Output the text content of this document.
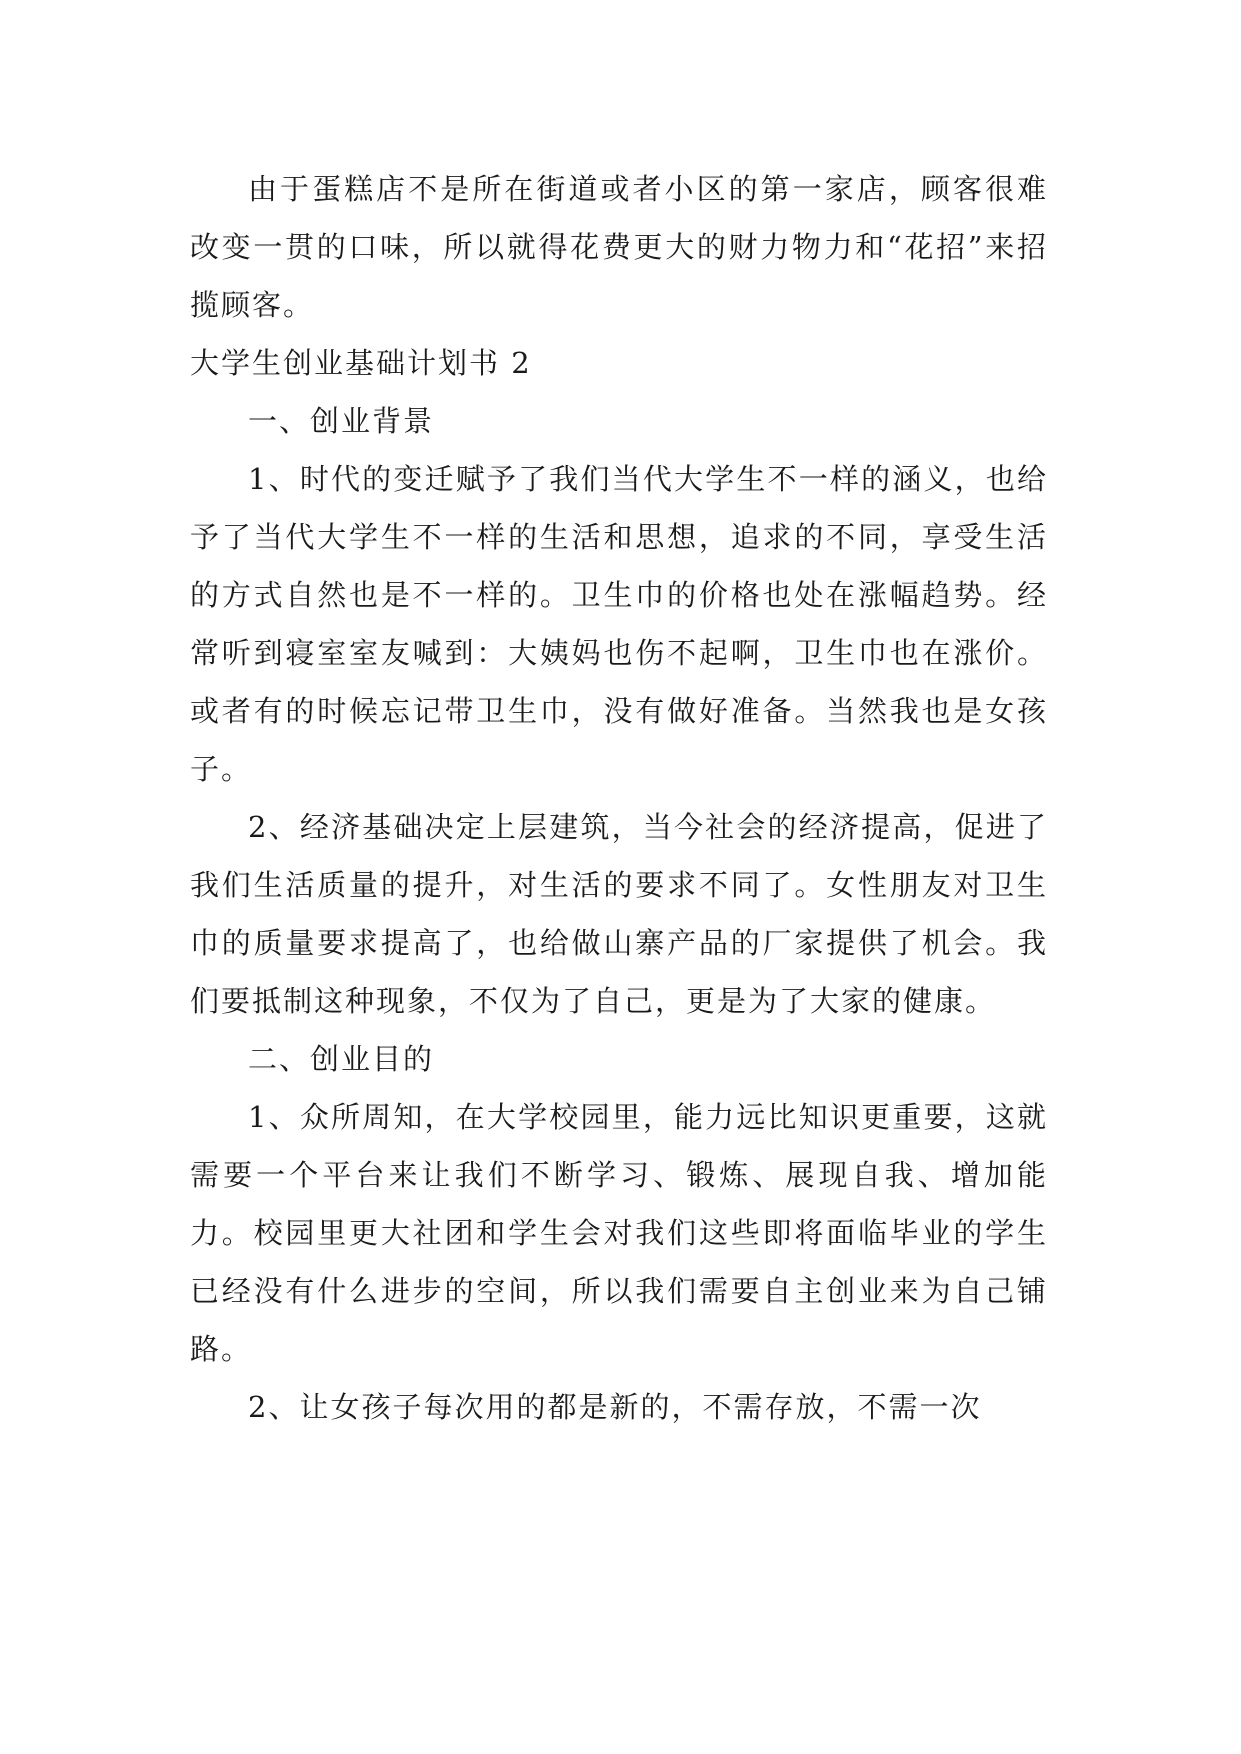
由于蛋糕店不是所在街道或者小区的第一家店，顾客很难改变一贯的口味，所以就得花费更大的财力物力和“花招”来招揽顾客。

大学生创业基础计划书 2
一、创业背景

1、时代的变迁赋予了我们当代大学生不一样的涵义，也给予了当代大学生不一样的生活和思想，追求的不同，享受生活的方式自然也是不一样的。卫生巾的价格也处在涨幅趋势。经常听到寝室室友喊到：大姨妈也伤不起啊，卫生巾也在涨价。或者有的时候忘记带卫生巾，没有做好准备。当然我也是女孩子。

2、经济基础决定上层建筑，当今社会的经济提高，促进了我们生活质量的提升，对生活的要求不同了。女性朋友对卫生巾的质量要求提高了，也给做山寨产品的厂家提供了机会。我们要抵制这种现象，不仅为了自己，更是为了大家的健康。

二、创业目的

1、众所周知，在大学校园里，能力远比知识更重要，这就需要一个平台来让我们不断学习、锻炼、展现自我、增加能力。校园里更大社团和学生会对我们这些即将面临毕业的学生已经没有什么进步的空间，所以我们需要自主创业来为自己铺路。

2、让女孩子每次用的都是新的，不需存放，不需一次
